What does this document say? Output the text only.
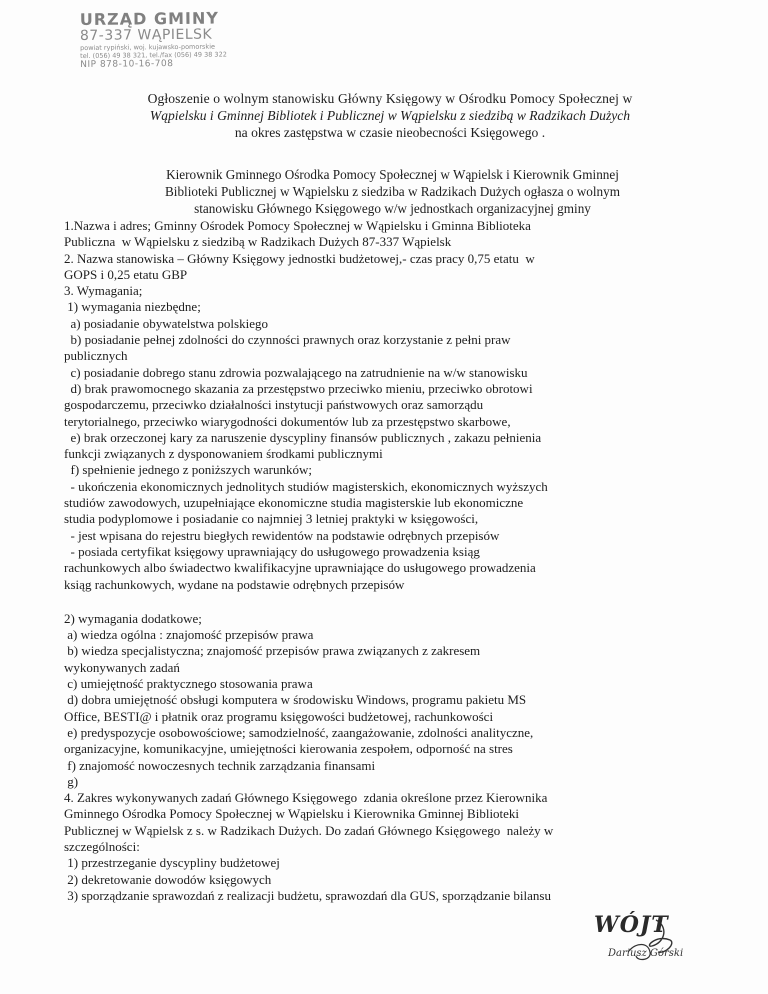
URZĄD GMINY
87-337 WĄPIELSK
powiat rypiński, woj. kujawsko-pomorskie
tel. (056) 49 38 321, tel./fax (056) 49 38 322
NIP 878-10-16-708
Ogłoszenie o wolnym stanowisku Główny Księgowy w Ośrodku Pomocy Społecznej w
Wąpielsku i Gminnej Bibliotek i Publicznej w Wąpielsku z siedzibą w Radzikach Dużych
na okres zastępstwa w czasie nieobecności Księgowego .
Kierownik Gminnego Ośrodka Pomocy Społecznej w Wąpielsk i Kierownik Gminnej
Biblioteki Publicznej w Wąpielsku z siedziba w Radzikach Dużych ogłasza o wolnym
stanowisku Głównego Księgowego w/w jednostkach organizacyjnej gminy

1.Nazwa i adres; Gminny Ośrodek Pomocy Społecznej w Wąpielsku i Gminna Biblioteka

Publiczna  w Wąpielsku z siedzibą w Radzikach Dużych 87-337 Wąpielsk

2. Nazwa stanowiska – Główny Księgowy jednostki budżetowej,- czas pracy 0,75 etatu  w

GOPS i 0,25 etatu GBP

3. Wymagania;

1) wymagania niezbędne;

a) posiadanie obywatelstwa polskiego

b) posiadanie pełnej zdolności do czynności prawnych oraz korzystanie z pełni praw

publicznych

c) posiadanie dobrego stanu zdrowia pozwalającego na zatrudnienie na w/w stanowisku

d) brak prawomocnego skazania za przestępstwo przeciwko mieniu, przeciwko obrotowi

gospodarczemu, przeciwko działalności instytucji państwowych oraz samorządu

terytorialnego, przeciwko wiarygodności dokumentów lub za przestępstwo skarbowe,

e) brak orzeczonej kary za naruszenie dyscypliny finansów publicznych , zakazu pełnienia

funkcji związanych z dysponowaniem środkami publicznymi

f) spełnienie jednego z poniższych warunków;

- ukończenia ekonomicznych jednolitych studiów magisterskich, ekonomicznych wyższych

studiów zawodowych, uzupełniające ekonomiczne studia magisterskie lub ekonomiczne

studia podyplomowe i posiadanie co najmniej 3 letniej praktyki w księgowości,

- jest wpisana do rejestru biegłych rewidentów na podstawie odrębnych przepisów

- posiada certyfikat księgowy uprawniający do usługowego prowadzenia ksiąg

rachunkowych albo świadectwo kwalifikacyjne uprawniające do usługowego prowadzenia

ksiąg rachunkowych, wydane na podstawie odrębnych przepisów

2) wymagania dodatkowe;

a) wiedza ogólna : znajomość przepisów prawa

b) wiedza specjalistyczna; znajomość przepisów prawa związanych z zakresem

wykonywanych zadań

c) umiejętność praktycznego stosowania prawa

d) dobra umiejętność obsługi komputera w środowisku Windows, programu pakietu MS

Office, BESTI@ i płatnik oraz programu księgowości budżetowej, rachunkowości

e) predyspozycje osobowościowe; samodzielność, zaangażowanie, zdolności analityczne,

organizacyjne, komunikacyjne, umiejętności kierowania zespołem, odporność na stres

f) znajomość nowoczesnych technik zarządzania finansami

g)

4. Zakres wykonywanych zadań Głównego Księgowego  zdania określone przez Kierownika

Gminnego Ośrodka Pomocy Społecznej w Wąpielsku i Kierownika Gminnej Biblioteki

Publicznej w Wąpielsk z s. w Radzikach Dużych. Do zadań Głównego Księgowego  należy w

szczególności:

1) przestrzeganie dyscypliny budżetowej

2) dekretowanie dowodów księgowych

3) sporządzanie sprawozdań z realizacji budżetu, sprawozdań dla GUS, sporządzanie bilansu

WÓJT
Dariusz Górski
